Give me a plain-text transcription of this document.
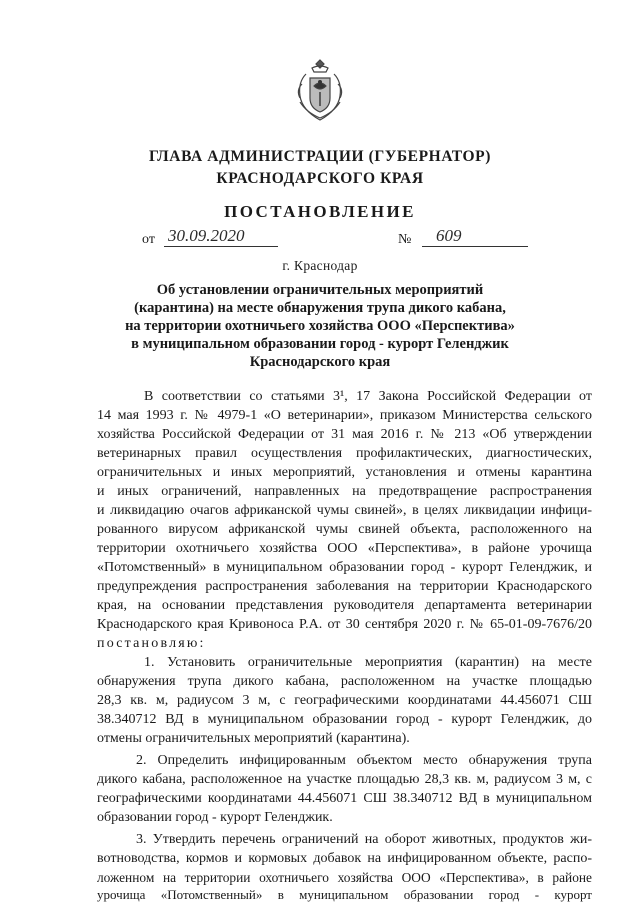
ГЛАВА АДМИНИСТРАЦИИ (ГУБЕРНАТОР)
КРАСНОДАРСКОГО КРАЯ
ПОСТАНОВЛЕНИЕ
от 30.09.2020	№	609
г. Краснодар
Об установлении ограничительных мероприятий
(карантина) на месте обнаружения трупа дикого кабана,
на территории охотничьего хозяйства ООО «Перспектива»
в муниципальном образовании город - курорт Геленджик
Краснодарского края
В соответствии со статьями 3¹, 17 Закона Российской Федерации от
14 мая 1993 г. № 4979-1 «О ветеринарии», приказом Министерства сельского
хозяйства Российской Федерации от 31 мая 2016 г. № 213 «Об утверждении
ветеринарных правил осуществления профилактических, диагностических,
ограничительных и иных мероприятий, установления и отмены карантина
и иных ограничений, направленных на предотвращение распространения
и ликвидацию очагов африканской чумы свиней», в целях ликвидации инфици-
рованного вирусом африканской чумы свиней объекта, расположенного на
территории охотничьего хозяйства ООО «Перспектива», в районе урочища
«Потомственный» в муниципальном образовании город - курорт Геленджик, и
предупреждения распространения заболевания на территории Краснодарского
края, на основании представления руководителя департамента ветеринарии
Краснодарского края Кривоноса Р.А. от 30 сентября 2020 г. № 65-01-09-7676/20
постановляю:
1. Установить ограничительные мероприятия (карантин) на месте
обнаружения трупа дикого кабана, расположенном на участке площадью
28,3 кв. м, радиусом 3 м, с географическими координатами 44.456071 СШ
38.340712 ВД в муниципальном образовании город - курорт Геленджик, до
отмены ограничительных мероприятий (карантина).
2. Определить инфицированным объектом место обнаружения трупа
дикого кабана, расположенное на участке площадью 28,3 кв. м, радиусом 3 м, с
географическими координатами 44.456071 СШ 38.340712 ВД в муниципальном
образовании город - курорт Геленджик.
3. Утвердить перечень ограничений на оборот животных, продуктов жи-
вотноводства, кормов и кормовых добавок на инфицированном объекте, распо-
ложенном на территории охотничьего хозяйства ООО «Перспектива», в районе
урочища «Потомственный» в муниципальном образовании город - курорт
